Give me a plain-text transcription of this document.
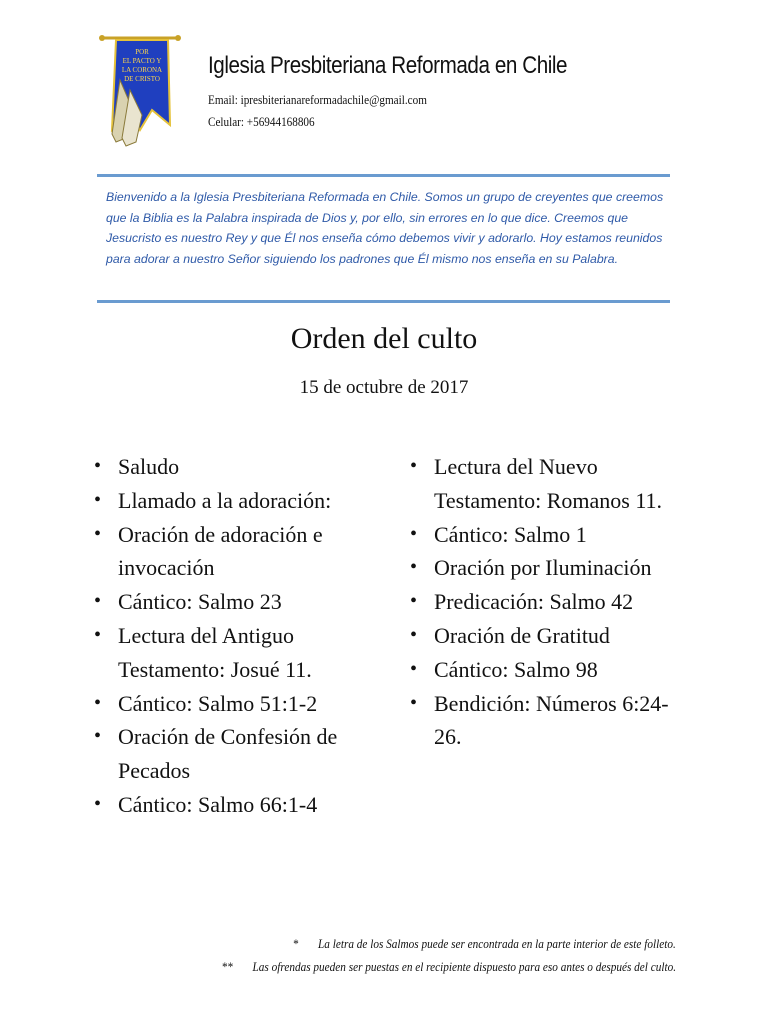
POR
EL PACTO Y
LA CORONA
DE CRISTO Iglesia Presbiteriana Reformada en Chile
Email: ipresbiterianareformadachile@gmail.com
Celular: +56944168806
Bienvenido a la Iglesia Presbiteriana Reformada en Chile. Somos un grupo de creyentes que creemos que la Biblia es la Palabra inspirada de Dios y, por ello, sin errores en lo que dice. Creemos que Jesucristo es nuestro Rey y que Él nos enseña cómo debemos vivir y adorarlo. Hoy estamos reunidos para adorar a nuestro Señor siguiendo los padrones que Él mismo nos enseña en su Palabra.
Orden del culto
15 de octubre de 2017
• Saludo
• Llamado a la adoración:
• Oración de adoración e invocación
• Cántico: Salmo 23
• Lectura del Antiguo Testamento: Josué 11.
• Cántico: Salmo 51:1-2
• Oración de Confesión de Pecados
• Cántico: Salmo 66:1-4
• Lectura del Nuevo Testamento: Romanos 11.
• Cántico: Salmo 1
• Oración por Iluminación
• Predicación: Salmo 42
• Oración de Gratitud
• Cántico: Salmo 98
• Bendición: Números 6:24-26.
* La letra de los Salmos puede ser encontrada en la parte interior de este folleto.
** Las ofrendas pueden ser puestas en el recipiente dispuesto para eso antes o después del culto.
